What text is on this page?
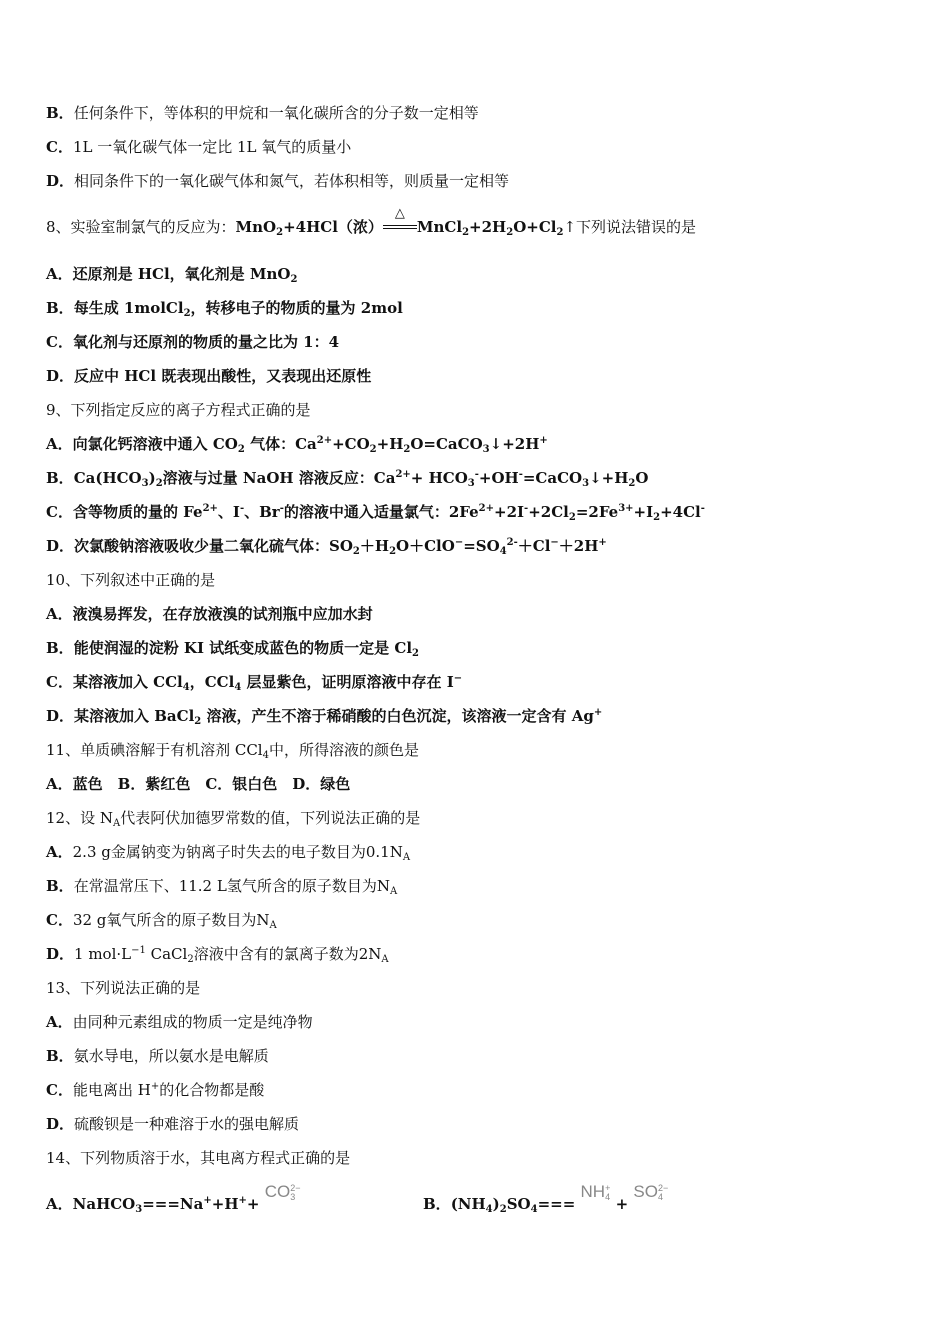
B．任何条件下，等体积的甲烷和一氧化碳所含的分子数一定相等
C．1L 一氧化碳气体一定比 1L 氧气的质量小
D．相同条件下的一氧化碳气体和氮气，若体积相等，则质量一定相等
8、实验室制氯气的反应为：MnO$_2$+4HCl（浓）
△
$MnCl_2+2H_2O+Cl_2↑$下列说法错误的是
A．还原剂是 HCl，氧化剂是 MnO$_2$
B．每生成 1molCl$_2$，转移电子的物质的量为 2mol
C．氧化剂与还原剂的物质的量之比为 1：4
D．反应中 HCl 既表现出酸性，又表现出还原性
9、下列指定反应的离子方程式正确的是
A．向氯化钙溶液中通入 $CO_2$ 气体：$Ca^{2+}+CO_2+H_2O=CaCO_3↓+2H^+$
B．$Ca(HCO_3)_2$溶液与过量 NaOH 溶液反应：$Ca^{2+}+$ $HCO_3^-+OH^-=CaCO_3↓+H_2O$
C．含等物质的量的 $Fe^{2+}$、I-、Br-的溶液中通入适量氯气：$2Fe^{2+}+2I^-+2Cl_2=2Fe^{3+}+I_2+4Cl^-$
D．次氯酸钠溶液吸收少量二氧化硫气体：$SO_2+H_2O+ClO^-=SO_4^{2-}+Cl^-+2H^+$
10、下列叙述中正确的是
A．液溴易挥发，在存放液溴的试剂瓶中应加水封
B．能使润湿的淀粉 KI 试纸变成蓝色的物质一定是 $Cl_2$
C．某溶液加入 CCl$_4$，CCl$_4$ 层显紫色，证明原溶液中存在 I−
D．某溶液加入 BaCl$_2$ 溶液，产生不溶于稀硝酸的白色沉淀，该溶液一定含有 Ag+
11、单质碘溶解于有机溶剂 CCl$_4$中，所得溶液的颜色是
A．蓝色　B．紫红色　C．银白色　D．绿色
12、设 $N_A$代表阿伏加德罗常数的值，下列说法正确的是
A．2.3 g金属钠变为钠离子时失去的电子数目为$0.1N_A$
B．在常温常压下、11.2 L氢气所含的原子数目为$N_A$
C．32 g氧气所含的原子数目为$N_A$
D．1 $mol\cdot L^{-1}$ CaCl$_2$溶液中含有的氯离子数为$2N_A$
13、下列说法正确的是
A．由同种元素组成的物质一定是纯净物
B．氨水导电，所以氨水是电解质
C．能电离出 H+的化合物都是酸
D．硫酸钡是一种难溶于水的强电解质
14、下列物质溶于水，其电离方程式正确的是
A．NaHCO$_3$===Na++H++ CO 2−
3	B．$(NH_4)_2SO_4===$ NH +
4 + SO 2−
4
